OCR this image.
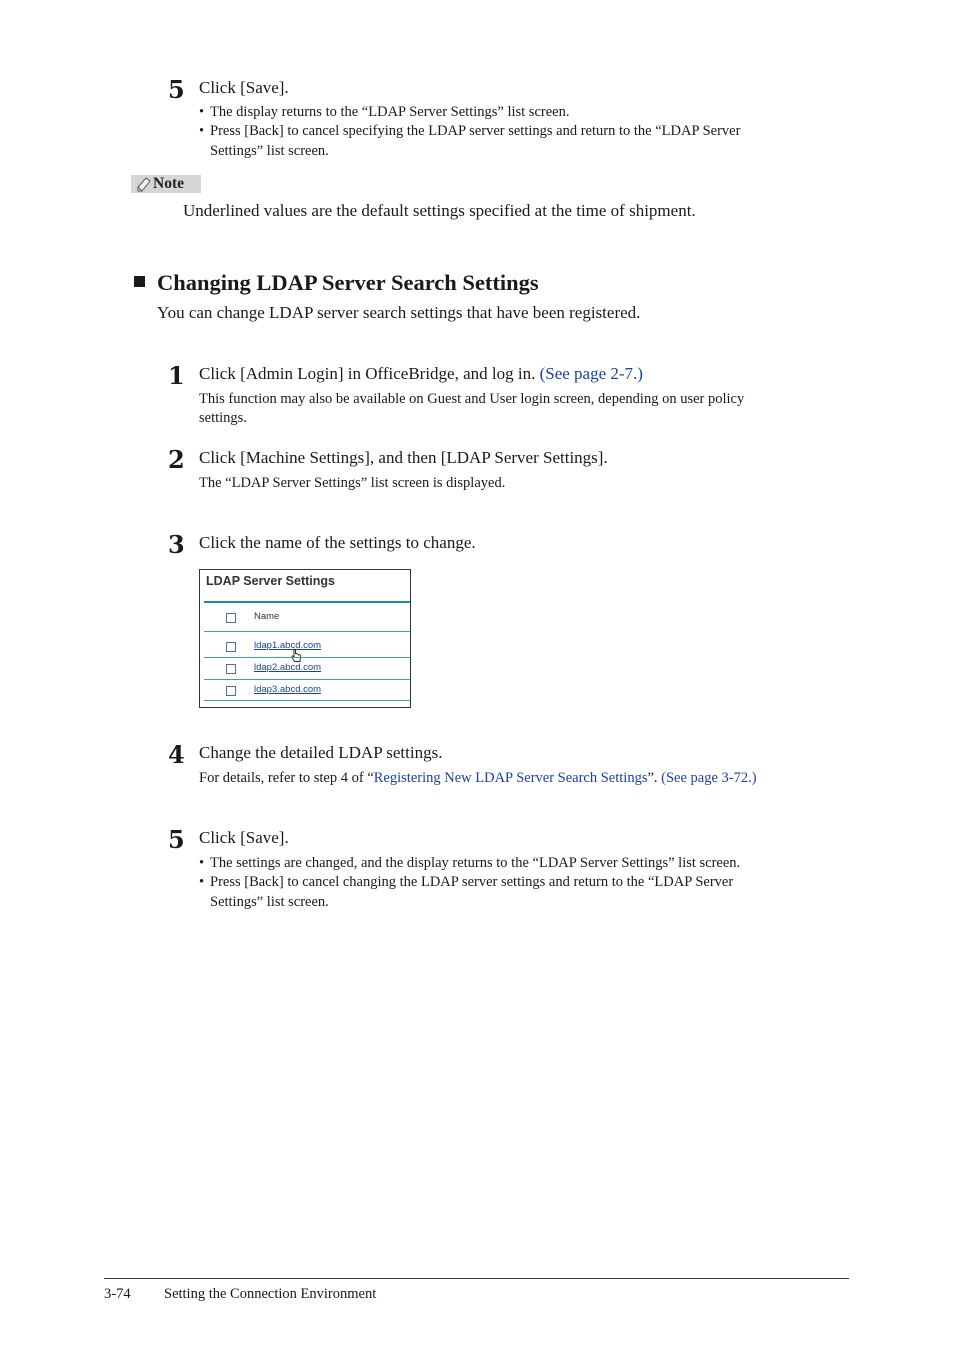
5 Click [Save].
• The display returns to the “LDAP Server Settings” list screen.
• Press [Back] to cancel specifying the LDAP server settings and return to the “LDAP Server
Settings” list screen.
Note
Underlined values are the default settings specified at the time of shipment.
Changing LDAP Server Search Settings
You can change LDAP server search settings that have been registered.
1 Click [Admin Login] in OfficeBridge, and log in. (See page 2-7.)
This function may also be available on Guest and User login screen, depending on user policy
settings.
2 Click [Machine Settings], and then [LDAP Server Settings].
The “LDAP Server Settings” list screen is displayed.
3 Click the name of the settings to change.
LDAP Server Settings
Name
ldap1.abcd.com
ldap2.abcd.com
ldap3.abcd.com
4 Change the detailed LDAP settings.
For details, refer to step 4 of “Registering New LDAP Server Search Settings”. (See page 3-72.)
5 Click [Save].
• The settings are changed, and the display returns to the “LDAP Server Settings” list screen.
• Press [Back] to cancel changing the LDAP server settings and return to the “LDAP Server
Settings” list screen.
3-74 Setting the Connection Environment
